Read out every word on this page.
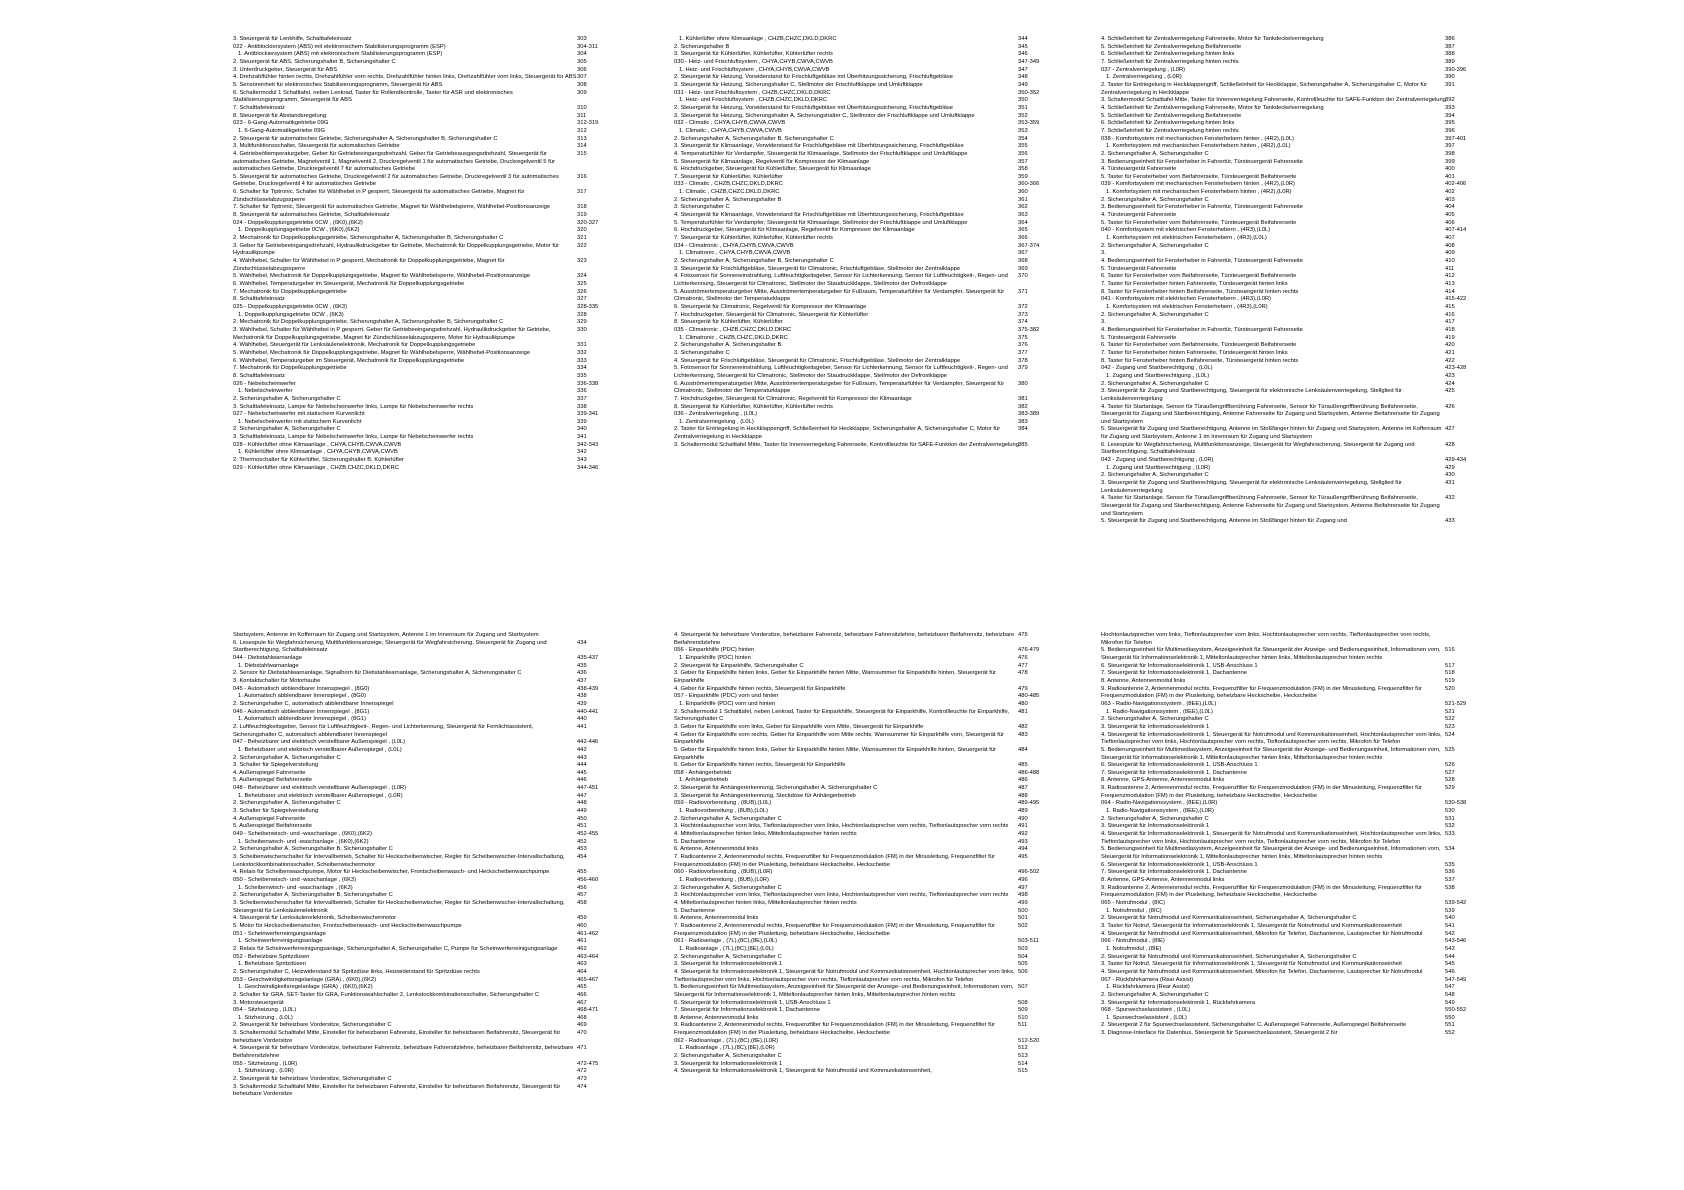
3. Steuergerät für Lenkhilfe, Schalttafeleinsatz	303
022 - Antiblockiersystem (ABS) mit elektronischem Stabilisierungsprogramm (ESP)	304-311
1. Antiblockiersystem (ABS) mit elektronischem Stabilisierungsprogramm (ESP)	304
2. Steuergerät für ABS, Sicherungshalter B, Sicherungshalter C	305
3. Unterdruckgeber, Steuergerät für ABS	306
4. Drehzahlfühler hinten rechts, Drehzahlfühler vorn rechts, Drehzahlfühler hinten links, Drehzahlfühler vorn links, Steuergerät für ABS 307
5. Sensoreinheit für elektronisches Stabilisierungsprogramm, Steuergerät für ABS	308
6. Schaltermodul 1 Schalttafel, neben Lenkrad, Taster für Rollendkontrolle, Taster für ASR und elektronisches Stabilisierungsprogramm, Steuergerät für ABS
309
7. Schalttafeleinsatz	310
8. Steuergerät für Abstandsregelung	311
023 - 6-Gang-Automatikgetriebe 09G	312-319
1. 6-Gang-Automatikgetriebe 09G	312
2. Steuergerät für automatisches Getriebe, Sicherungshalter A, Sicherungshalter B, Sicherungshalter C	313
3. Multifunktionsschalter, Steuergerät für automatisches Getriebe	314
4. Getriebeöltemperaturgeber, Geber für Getriebeeingangsdrehzahl, Geber für Getriebeausgangsdrehzahl, Steuergerät für automatisches Getriebe, Magnetventil 1, Magnetventil 2, Druckregelventil 1 für automatisches Getriebe, Druckregelventil 5 für automatisches Getriebe, Druckregelventil 7 für automatisches Getriebe
315
5. Steuergerät für automatisches Getriebe, Druckregelventil 2 für automatisches Getriebe, Druckregelventil 3 für automatisches Getriebe, Druckregelventil 4 für automatisches Getriebe
316
6. Schalter für Tiptronic, Schalter für Wählhebel in P gesperrt, Steuergerät für automatisches Getriebe, Magnet für Zündschlüsselabzugssperre
317
7. Schalter für Tiptronic, Steuergerät für automatisches Getriebe, Magnet für Wählhebelsperre, Wählhebel-Positionsanzeige	318
8. Steuergerät für automatisches Getriebe, Schalttafeleinsatz	319
024 - Doppelkupplungsgetriebe 0CW , (6K0),(6K2)	320-327
1. Doppelkupplungsgetriebe 0CW , (6K0),(6K2)	320
2. Mechatronik für Doppelkupplungsgetriebe, Sicherungshalter A, Sicherungshalter B, Sicherungshalter C	321
3. Geber für Getriebeeingangsdrehzahl, Hydraulikdruckgeber für Getriebe, Mechatronik für Doppelkupplungsgetriebe, Motor für Hydraulikpumpe
322
4. Wählhebel, Schalter für Wählhebel in P gesperrt, Mechatronik für Doppelkupplungsgetriebe, Magnet für Zündschlüsselabzugssperre
323
5. Wählhebel, Mechatronik für Doppelkupplungsgetriebe, Magnet für Wählhebelsperre, Wählhebel-Positionsanzeige	324
6. Wählhebel, Temperaturgeber im Steuergerät, Mechatronik für Doppelkupplungsgetriebe	325
7. Mechatronik für Doppelkupplungsgetriebe	326
8. Schalttafeleinsatz	327
025 - Doppelkupplungsgetriebe 0CW , (6K3)	328-335
1. Doppelkupplungsgetriebe 0CW , (6K3)	328
2. Mechatronik für Doppelkupplungsgetriebe, Sicherungshalter A, Sicherungshalter B, Sicherungshalter C	329
3. Wählhebel, Schalter für Wählhebel in P gesperrt, Geber für Getriebeeingangsdrehzahl, Hydraulikdruckgeber für Getriebe, Mechatronik für Doppelkupplungsgetriebe, Magnet für Zündschlüsselabzugssperre, Motor für Hydraulikpumpe
330
4. Wählhebel, Steuergerät für Lenksäulenelektronik, Mechatronik für Doppelkupplungsgetriebe	331
5. Wählhebel, Mechatronik für Doppelkupplungsgetriebe, Magnet für Wählhebelsperre, Wählhebel-Positionsanzeige	332
6. Wählhebel, Temperaturgeber im Steuergerät, Mechatronik für Doppelkupplungsgetriebe	333
7. Mechatronik für Doppelkupplungsgetriebe	334
8. Schalttafeleinsatz	335
026 - Nebelscheinwerfer	336-338
1. Nebelscheinwerfer	336
2. Sicherungshalter A, Sicherungshalter C	337
3. Schalttafeleinsatz, Lampe für Nebelscheinwerfer links, Lampe für Nebelscheinwerfer rechts	338
027 - Nebelscheinwerfer mit statischem Kurvenlicht	339-341
1. Nebelscheinwerfer mit statischem Kurvenlicht	339
2. Sicherungshalter A, Sicherungshalter C	340
3. Schalttafeleinsatz, Lampe für Nebelscheinwerfer links, Lampe für Nebelscheinwerfer rechts	341
028 - Kühlerlüfter ohne Klimaanlage , CHYA,CHYB,CWVA,CWVB	342-343
1. Kühlerlüfter ohne Klimaanlage , CHYA,CHYB,CWVA,CWVB	342
2. Thermoschalter für Kühlerlüfter, Sicherungshalter B, Kühlerlüfter	343
029 - Kühlerlüfter ohne Klimaanlage , CHZB,CHZC,DKLD,DKRC	344-346
1. Kühlerlüfter ohne Klimaanlage , CHZB,CHZC,DKLD,DKRC	344
2. Sicherungshalter B	345
3. Steuergerät für Kühlerlüfter, Kühlerlüfter, Kühlerlüfter rechts	346
030 - Heiz- und Frischluftsystem , CHYA,CHYB,CWVA,CWVB	347-349
1. Heiz- und Frischluftsystem , CHYA,CHYB,CWVA,CWVB	347
2. Steuergerät für Heizung, Vorwiderstand für Frischluftgebläse mit Überhitzungssicherung, Frischluftgebläse	348
3. Steuergerät für Heizung, Sicherungshalter C, Stellmotor der Frischluftklappe und Umluftklappe	349
031 - Heiz- und Frischluftsystem , CHZB,CHZC,DKLD,DKRC	350-352
1. Heiz- und Frischluftsystem , CHZB,CHZC,DKLD,DKRC	350
2. Steuergerät für Heizung, Vorwiderstand für Frischluftgebläse mit Überhitzungssicherung, Frischluftgebläse	351
3. Steuergerät für Heizung, Sicherungshalter A, Sicherungshalter C, Stellmotor der Frischluftklappe und Umluftklappe	352
032 - Climatic , CHYA,CHYB,CWVA,CWVB	353-359
1. Climatic , CHYA,CHYB,CWVA,CWVB	353
2. Sicherungshalter A, Sicherungshalter B, Sicherungshalter C	354
3. Steuergerät für Klimaanlage, Vorwiderstand für Frischluftgebläse mit Überhitzungssicherung, Frischluftgebläse	355
4. Temperaturfühler für Verdampfer, Steuergerät für Klimaanlage, Stellmotor der Frischluftklappe und Umluftklappe	356
5. Steuergerät für Klimaanlage, Regelventil für Kompressor der Klimaanlage	357
6. Hochdruckgeber, Steuergerät für Kühlerlüfter, Steuergerät für Klimaanlage	358
7. Steuergerät für Kühlerlüfter, Kühlerlüfter	359
033 - Climatic , CHZB,CHZC,DKLD,DKRC	360-366
1. Climatic , CHZB,CHZC,DKLD,DKRC	360
2. Sicherungshalter A, Sicherungshalter B	361
3. Sicherungshalter C	362
4. Steuergerät für Klimaanlage, Vorwiderstand für Frischluftgebläse mit Überhitzungssicherung, Frischluftgebläse	363
5. Temperaturfühler für Verdampfer, Steuergerät für Klimaanlage, Stellmotor der Frischluftklappe und Umluftklappe	364
6. Hochdruckgeber, Steuergerät für Klimaanlage, Regelventil für Kompressor der Klimaanlage	365
7. Steuergerät für Kühlerlüfter, Kühlerlüfter, Kühlerlüfter rechts	366
034 - Climatronic , CHYA,CHYB,CWVA,CWVB	367-374
1. Climatronic , CHYA,CHYB,CWVA,CWVB	367
2. Sicherungshalter A, Sicherungshalter B, Sicherungshalter C	368
3. Steuergerät für Frischluftgebläse, Steuergerät für Climatronic, Frischluftgebläse, Stellmotor der Zentralklappe	369
4. Fotosensor für Sonneneinstrahlung, Luftfeuchtigkeitsgeber, Sensor für Lichterkennung, Sensor für Luftfeuchtigkeit-, Regen- und Lichterkennung, Steuergerät für Climatronic, Stellmotor der Staudruckklappe, Stellmotor der Defrostklappe
370
5. Ausströmertemperaturgeber Mitte, Ausströmertemperaturgeber für Fußraum, Temperaturfühler für Verdampfer, Steuergerät für Climatronic, Stellmotor der Temperaturklappe
371
6. Steuergerät für Climatronic, Regelventil für Kompressor der Klimaanlage	372
7. Hochdruckgeber, Steuergerät für Climatronic, Steuergerät für Kühlerlüfter	373
8. Steuergerät für Kühlerlüfter, Kühlerlüfter	374
035 - Climatronic , CHZB,CHZC,DKLD,DKRC	375-382
1. Climatronic , CHZB,CHZC,DKLD,DKRC	375
2. Sicherungshalter A, Sicherungshalter B	376
3. Sicherungshalter C	377
4. Steuergerät für Frischluftgebläse, Steuergerät für Climatronic, Frischluftgebläse, Stellmotor der Zentralklappe	378
5. Fotosensor für Sonneneinstrahlung, Luftfeuchtigkeitsgeber, Sensor für Lichterkennung, Sensor für Luftfeuchtigkeit-, Regen- und Lichterkennung, Steuergerät für Climatronic, Stellmotor der Staudruckklappe, Stellmotor der Defrostklappe
379
6. Ausströmertemperaturgeber Mitte, Ausströmertemperaturgeber für Fußraum, Temperaturfühler für Verdampfer, Steuergerät für Climatronic, Stellmotor der Temperaturklappe
380
7. Hochdruckgeber, Steuergerät für Climatronic, Regelventil für Kompressor der Klimaanlage	381
8. Steuergerät für Kühlerlüfter, Kühlerlüfter, Kühlerlüfter rechts	382
036 - Zentralverriegelung , (L0L)	383-389
1. Zentralverriegelung , (L0L)	383
2. Taster für Entriegelung in Heckklappengriff, Schließeinheit für Heckklappe, Sicherungshalter A, Sicherungshalter C, Motor für Zentralverriegelung in Heckklappe
384
3. Schaltermodul Schalttafel Mitte, Taster für Innenverriegelung Fahrerseite, Kontrollleuchte für SAFE-Funktion der Zentralverriegelung 385
4. Schließeinheit für Zentralverriegelung Fahrerseite, Motor für Tankdeckelverriegelung	386
5. Schließeinheit für Zentralverriegelung Beifahrerseite	387
6. Schließeinheit für Zentralverriegelung hinten links	388
7. Schließeinheit für Zentralverriegelung hinten rechts	389
037 - Zentralverriegelung , (L0R)	390-396
1. Zentralverriegelung , (L0R)	390
2. Taster für Entriegelung in Heckklappengriff, Schließeinheit für Heckklappe, Sicherungshalter A, Sicherungshalter C, Motor für Zentralverriegelung in Heckklappe
391
3. Schaltermodul Schalttafel Mitte, Taster für Innenverriegelung Fahrerseite, Kontrollleuchte für SAFE-Funktion der Zentralverriegelung 392
4. Schließeinheit für Zentralverriegelung Fahrerseite, Motor für Tankdeckelverriegelung	393
5. Schließeinheit für Zentralverriegelung Beifahrerseite	394
6. Schließeinheit für Zentralverriegelung hinten links	395
7. Schließeinheit für Zentralverriegelung hinten rechts	396
038 - Komfortsystem mit mechanischen Fensterhebern hinten , (4R2),(L0L)	397-401
1. Komfortsystem mit mechanischen Fensterhebern hinten , (4R2),(L0L)	397
2. Sicherungshalter A, Sicherungshalter C	398
3. Bedienungseinheit für Fensterheber in Fahrertür, Türsteuergerät Fahrerseite	399
4. Türsteuergerät Fahrerseite	400
5. Taster für Fensterheber vorn Beifahrerseite, Türsteuergerät Beifahrerseite	401
039 - Komfortsystem mit mechanischen Fensterhebern hinten , (4R2),(L0R)	402-406
1. Komfortsystem mit mechanischen Fensterhebern hinten , (4R2),(L0R)	402
2. Sicherungshalter A, Sicherungshalter C	403
3. Bedienungseinheit für Fensterheber in Fahrertür, Türsteuergerät Fahrerseite	404
4. Türsteuergerät Fahrerseite	405
5. Taster für Fensterheber vorn Beifahrerseite, Türsteuergerät Beifahrerseite	406
040 - Komfortsystem mit elektrischen Fensterhebern , (4R3),(L0L)	407-414
1. Komfortsystem mit elektrischen Fensterhebern , (4R3),(L0L)	407
2. Sicherungshalter A, Sicherungshalter C	408
3.	409
4. Bedienungseinheit für Fensterheber in Fahrertür, Türsteuergerät Fahrerseite	410
5. Türsteuergerät Fahrerseite	411
6. Taster für Fensterheber vorn Beifahrerseite, Türsteuergerät Beifahrerseite	412
7. Taster für Fensterheber hinten Fahrerseite, Türsteuergerät hinten links	413
8. Taster für Fensterheber hinten Beifahrerseite, Türsteuergerät hinten rechts	414
041 - Komfortsystem mit elektrischen Fensterhebern , (4R3),(L0R)	415-422
1. Komfortsystem mit elektrischen Fensterhebern , (4R3),(L0R)	415
2. Sicherungshalter A, Sicherungshalter C	416
3.	417
4. Bedienungseinheit für Fensterheber in Fahrertür, Türsteuergerät Fahrerseite	418
5. Türsteuergerät Fahrerseite	419
6. Taster für Fensterheber vorn Beifahrerseite, Türsteuergerät Beifahrerseite	420
7. Taster für Fensterheber hinten Fahrerseite, Türsteuergerät hinten links	421
8. Taster für Fensterheber hinten Beifahrerseite, Türsteuergerät hinten rechts	422
042 - Zugang und Startberechtigung , (L0L)	423-428
1. Zugang und Startberechtigung , (L0L)	423
2. Sicherungshalter A, Sicherungshalter C	424
3. Steuergerät für Zugang und Startberechtigung, Steuergerät für elektronische Lenksäulenverriegelung, Stellglied für Lenksäulenverriegelung
425
4. Taster für Startanlage, Sensor für Türaußengriffberührung Fahrerseite, Sensor für Türaußengriffberührung Beifahrerseite, Steuergerät für Zugang und Startberechtigung, Antenne Fahrerseite für Zugang und Startsystem, Antenne Beifahrerseite für Zugang und Startsystem
426
5. Steuergerät für Zugang und Startberechtigung, Antenne im Stoßfänger hinten für Zugang und Startsystem, Antenne im Kofferraum für Zugang und Startsystem, Antenne 1 im Innenraum für Zugang und Startsystem
427
6. Lesespule für Wegfahrsicherung, Multifunktionsanzeige, Steuergerät für Wegfahrsicherung, Steuergerät für Zugang und Startberechtigung, Schalttafeleinsatz
428
043 - Zugang und Startberechtigung , (L0R)	429-434
1. Zugang und Startberechtigung , (L0R)	429
2. Sicherungshalter A, Sicherungshalter C	430
3. Steuergerät für Zugang und Startberechtigung, Steuergerät für elektronische Lenksäulenverriegelung, Stellglied für Lenksäulenverriegelung
431
4. Taster für Startanlage, Sensor für Türaußengriffberührung Fahrerseite, Sensor für Türaußengriffberührung Beifahrerseite, Steuergerät für Zugang und Startberechtigung, Antenne Fahrerseite für Zugang und Startsystem, Antenne Beifahrerseite für Zugang und Startsystem
432
5. Steuergerät für Zugang und Startberechtigung, Antenne im Stoßfänger hinten für Zugang und	433
Startsystem, Antenne im Kofferraum für Zugang und Startsystem, Antenne 1 im Innenraum für Zugang und Startsystem
6. Lesespule für Wegfahrsicherung, Multifunktionsanzeige, Steuergerät für Wegfahrsicherung, Steuergerät für Zugang und Startberechtigung, Schalttafeleinsatz
434
044 - Diebstahlwarnanlage	435-437
1. Diebstahlwarnanlage	435
2. Sensor für Diebstahlwarnanlage, Signalhorn für Diebstahlwarnanlage, Sicherungshalter A, Sicherungshalter C	436
3. Kontaktschalter für Motorhaube	437
045 - Automatisch abblendbarer Innenspiegel , (8G0)	438-439
1. Automatisch abblendbarer Innenspiegel , (8G0)	438
2. Sicherungshalter C, automatisch abblendbarer Innenspiegel	439
046 - Automatisch abblendbarer Innenspiegel , (8G1)	440-441
1. Automatisch abblendbarer Innenspiegel , (8G1)	440
2. Luftfeuchtigkeitsgeber, Sensor für Luftfeuchtigkeit-, Regen- und Lichterkennung, Steuergerät für Fernlichtassistent, Sicherungshalter C, automatisch abblendbarer Innenspiegel
441
047 - Beheizbarer und elektrisch verstellbarer Außenspiegel , (L0L)	442-446
1. Beheizbarer und elektrisch verstellbarer Außenspiegel , (L0L)	442
2. Sicherungshalter A, Sicherungshalter C	443
3. Schalter für Spiegelverstellung	444
4. Außenspiegel Fahrerseite	445
5. Außenspiegel Beifahrerseite	446
048 - Beheizbarer und elektrisch verstellbarer Außenspiegel , (L0R)	447-451
1. Beheizbarer und elektrisch verstellbarer Außenspiegel , (L0R)	447
2. Sicherungshalter A, Sicherungshalter C	448
3. Schalter für Spiegelverstellung	449
4. Außenspiegel Fahrerseite	450
5. Außenspiegel Beifahrerseite	451
049 - Scheibenwisch- und -waschanlage , (6K0),(6K2)	452-455
1. Scheibenwisch- und -waschanlage , (6K0),(6K2)	452
2. Sicherungshalter A, Sicherungshalter B, Sicherungshalter C	453
3. Scheibenwischerschalter für Intervallbetrieb, Schalter für Heckscheibenwischer, Regler für Scheibenwischer-Intervallschaltung, Lenkstockkombinationsschalter, Scheibenwischermotor
454
4. Relais für Scheibenwaschpumpe, Motor für Heckscheibenwischer, Frontscheibenwasch- und Heckscheibenwaschpumpe	455
050 - Scheibenwisch- und -waschanlage , (6K3)	456-460
1. Scheibenwisch- und -waschanlage , (6K3)	456
2. Sicherungshalter A, Sicherungshalter B, Sicherungshalter C	457
3. Scheibenwischerschalter für Intervallbetrieb, Schalter für Heckscheibenwischer, Regler für Scheibenwischer-Intervallschaltung, Steuergerät für Lenksäulenelektronik
458
4. Steuergerät für Lenksäulenelektronik, Scheibenwischermotor	459
5. Motor für Heckscheibenwischer, Frontscheibenwasch- und Heckscheibenwaschpumpe	460
051 - Scheinwerferreinigungsanlage	461-462
1. Scheinwerferreinigungsanlage	461
2. Relais für Scheinwerferreinigungsanlage, Sicherungshalter A, Sicherungshalter C, Pumpe für Scheinwerferreinigungsanlage	462
052 - Beheizbare Spritzdüsen	463-464
1. Beheizbare Spritzdüsen	463
2. Sicherungshalter C, Heizwiderstand für Spritzdüse links, Heizwiderstand für Spritzdüse rechts	464
053 - Geschwindigkeitsregelanlage (GRA) , (6K0),(6K2)	465-467
1. Geschwindigkeitsregelanlage (GRA) , (6K0),(6K2)	465
2. Schalter für GRA, SET-Taster für GRA, Funktionswahlschalter 2, Lenkstockkombinationsschalter, Sicherungshalter C	466
3. Motorsteuergerät	467
054 - Sitzheizung , (L0L)	468-471
1. Sitzheizung , (L0L)	468
2. Steuergerät für beheizbare Vordersitze, Sicherungshalter C	469
3. Schaltermodul Schalttafel Mitte, Einsteller für beheizbaren Fahrersitz, Einsteller für beheizbaren Beifahrersitz, Steuergerät für beheizbare Vordersitze
470
4. Steuergerät für beheizbare Vordersitze, beheizbarer Fahrersitz, beheizbare Fahrersitzlehne, beheizbarer Beifahrersitz, beheizbare Beifahrersitzlehne
471
055 - Sitzheizung , (L0R)	472-475
1. Sitzheizung , (L0R)	472
2. Steuergerät für beheizbare Vordersitze, Sicherungshalter C	473
3. Schaltermodul Schalttafel Mitte, Einsteller für beheizbaren Fahrersitz, Einsteller für beheizbaren Beifahrersitz, Steuergerät für beheizbare Vordersitze
474
4. Steuergerät für beheizbare Vordersitze, beheizbarer Fahrersitz, beheizbare Fahrersitzlehne, beheizbarer Beifahrersitz, beheizbare Beifahrersitzlehne
475
056 - Einparkhilfe (PDC) hinten	476-479
1. Einparkhilfe (PDC) hinten	476
2. Steuergerät für Einparkhilfe, Sicherungshalter C	477
3. Geber für Einparkhilfe hinten links, Geber für Einparkhilfe hinten Mitte, Warnsummer für Einparkhilfe hinten, Steuergerät für Einparkhilfe
478
4. Geber für Einparkhilfe hinten rechts, Steuergerät für Einparkhilfe	479
057 - Einparkhilfe (PDC) vorn und hinten	480-485
1. Einparkhilfe (PDC) vorn und hinten	480
2. Schaltermodul 1 Schalttafel, neben Lenkrad, Taster für Einparkhilfe, Steuergerät für Einparkhilfe, Kontrollleuchte für Einparkhilfe, Sicherungshalter C
481
3. Geber für Einparkhilfe vorn links, Geber für Einparkhilfe vorn Mitte, Steuergerät für Einparkhilfe	482
4. Geber für Einparkhilfe vorn rechts, Geber für Einparkhilfe vorn Mitte rechts, Warnsummer für Einparkhilfe vorn, Steuergerät für Einparkhilfe
483
5. Geber für Einparkhilfe hinten links, Geber für Einparkhilfe hinten Mitte, Warnsummer für Einparkhilfe hinten, Steuergerät für Einparkhilfe
484
6. Geber für Einparkhilfe hinten rechts, Steuergerät für Einparkhilfe	485
058 - Anhängerbetrieb	486-488
1. Anhängerbetrieb	486
2. Steuergerät für Anhängererkennung, Sicherungshalter A, Sicherungshalter C	487
3. Steuergerät für Anhängererkennung, Steckdose für Anhängerbetrieb	488
059 - Radiovorbereitung , (8UB),(L0L)	489-495
1. Radiovorbereitung , (8UB),(L0L)	489
2. Sicherungshalter A, Sicherungshalter C	490
3. Hochtonlautsprecher vorn links, Tieftonlautsprecher vorn links, Hochtonlautsprecher vorn rechts, Tieftonlautsprecher vorn rechts	491
4. Mitteltonlautsprecher hinten links, Mitteltonlautsprecher hinten rechts	492
5. Dachantenne	493
6. Antenne, Antennenmodul links	494
7. Radioantenne 2, Antennenmodul rechts, Frequenzfilter für Frequenzmodulation (FM) in der Minusleitung, Frequenzfilter für Frequenzmodulation (FM) in der Plusleitung, beheizbare Heckscheibe, Heckscheibe
495
060 - Radiovorbereitung , (8UB),(L0R)	496-502
1. Radiovorbereitung , (8UB),(L0R)	496
2. Sicherungshalter A, Sicherungshalter C	497
3. Hochtonlautsprecher vorn links, Tieftonlautsprecher vorn links, Hochtonlautsprecher vorn rechts, Tieftonlautsprecher vorn rechts	498
4. Mitteltonlautsprecher hinten links, Mitteltonlautsprecher hinten rechts	499
5. Dachantenne	500
6. Antenne, Antennenmodul links	501
7. Radioantenne 2, Antennenmodul rechts, Frequenzfilter für Frequenzmodulation (FM) in der Minusleitung, Frequenzfilter für Frequenzmodulation (FM) in der Plusleitung, beheizbare Heckscheibe, Heckscheibe
502
061 - Radioanlage , (7L),(8C),(8E),(L0L)	503-511
1. Radioanlage , (7L),(8C),(8E),(L0L)	503
2. Sicherungshalter A, Sicherungshalter C	504
3. Steuergerät für Informationselektronik 1	505
4. Steuergerät für Informationselektronik 1, Steuergerät für Notrufmodul und Kommunikationseinheit, Hochtonlautsprecher vorn links, Tieftonlautsprecher vorn links, Hochtonlautsprecher vorn rechts, Tieftonlautsprecher vorn rechts, Mikrofon für Telefon
506
5. Bedienungseinheit für Multimediasystem, Anzeigeeinheit für Steuergerät der Anzeige- und Bedienungseinheit, Informationen vorn, Steuergerät für Informationselektronik 1, Mitteltonlautsprecher hinten links, Mitteltonlautsprecher hinten rechts
507
6. Steuergerät für Informationselektronik 1, USB-Anschluss 1	508
7. Steuergerät für Informationselektronik 1, Dachantenne	509
8. Antenne, Antennenmodul links	510
9. Radioantenne 2, Antennenmodul rechts, Frequenzfilter für Frequenzmodulation (FM) in der Minusleitung, Frequenzfilter für Frequenzmodulation (FM) in der Plusleitung, beheizbare Heckscheibe, Heckscheibe
511
062 - Radioanlage , (7L),(8C),(8E),(L0R)	512-520
1. Radioanlage , (7L),(8C),(8E),(L0R)	512
2. Sicherungshalter A, Sicherungshalter C	513
3. Steuergerät für Informationselektronik 1	514
4. Steuergerät für Informationselektronik 1, Steuergerät für Notrufmodul und Kommunikationseinheit,	515
Hochtonlautsprecher vorn links, Tieftonlautsprecher vorn links, Hochtonlautsprecher vorn rechts, Tieftonlautsprecher vorn rechts, Mikrofon für Telefon
5. Bedienungseinheit für Multimediasystem, Anzeigeeinheit für Steuergerät der Anzeige- und Bedienungseinheit, Informationen vorn, Steuergerät für Informationselektronik 1, Mitteltonlautsprecher hinten links, Mitteltonlautsprecher hinten rechts
516
6. Steuergerät für Informationselektronik 1, USB-Anschluss 1	517
7. Steuergerät für Informationselektronik 1, Dachantenne	518
8. Antenne, Antennenmodul links	519
9. Radioantenne 2, Antennenmodul rechts, Frequenzfilter für Frequenzmodulation (FM) in der Minusleitung, Frequenzfilter für Frequenzmodulation (FM) in der Plusleitung, beheizbare Heckscheibe, Heckscheibe
520
063 - Radio-Navigationssystem , (8EE),(L0L)	521-529
1. Radio-Navigationssystem , (8EE),(L0L)	521
2. Sicherungshalter A, Sicherungshalter C	522
3. Steuergerät für Informationselektronik 1	523
4. Steuergerät für Informationselektronik 1, Steuergerät für Notrufmodul und Kommunikationseinheit, Hochtonlautsprecher vorn links, Tieftonlautsprecher vorn links, Hochtonlautsprecher vorn rechts, Tieftonlautsprecher vorn rechts, Mikrofon für Telefon
524
5. Bedienungseinheit für Multimediasystem, Anzeigeeinheit für Steuergerät der Anzeige- und Bedienungseinheit, Informationen vorn, Steuergerät für Informationselektronik 1, Mitteltonlautsprecher hinten links, Mitteltonlautsprecher hinten rechts
525
6. Steuergerät für Informationselektronik 1, USB-Anschluss 1	526
7. Steuergerät für Informationselektronik 1, Dachantenne	527
8. Antenne, GPS-Antenne, Antennenmodul links	528
9. Radioantenne 2, Antennenmodul rechts, Frequenzfilter für Frequenzmodulation (FM) in der Minusleitung, Frequenzfilter für Frequenzmodulation (FM) in der Plusleitung, beheizbare Heckscheibe, Heckscheibe
529
064 - Radio-Navigationssystem , (8EE),(L0R)	530-538
1. Radio-Navigationssystem , (8EE),(L0R)	530
2. Sicherungshalter A, Sicherungshalter C	531
3. Steuergerät für Informationselektronik 1	532
4. Steuergerät für Informationselektronik 1, Steuergerät für Notrufmodul und Kommunikationseinheit, Hochtonlautsprecher vorn links, Tieftonlautsprecher vorn links, Hochtonlautsprecher vorn rechts, Tieftonlautsprecher vorn rechts, Mikrofon für Telefon
533
5. Bedienungseinheit für Multimediasystem, Anzeigeeinheit für Steuergerät der Anzeige- und Bedienungseinheit, Informationen vorn, Steuergerät für Informationselektronik 1, Mitteltonlautsprecher hinten links, Mitteltonlautsprecher hinten rechts
534
6. Steuergerät für Informationselektronik 1, USB-Anschluss 1	535
7. Steuergerät für Informationselektronik 1, Dachantenne	536
8. Antenne, GPS-Antenne, Antennenmodul links	537
9. Radioantenne 2, Antennenmodul rechts, Frequenzfilter für Frequenzmodulation (FM) in der Minusleitung, Frequenzfilter für Frequenzmodulation (FM) in der Plusleitung, beheizbare Heckscheibe, Heckscheibe
538
065 - Notrufmodul , (8IC)	539-542
1. Notrufmodul , (8IC)	539
2. Steuergerät für Notrufmodul und Kommunikationseinheit, Sicherungshalter A, Sicherungshalter C	540
3. Taster für Notruf, Steuergerät für Informationselektronik 1, Steuergerät für Notrufmodul und Kommunikationseinheit	541
4. Steuergerät für Notrufmodul und Kommunikationseinheit, Mikrofon für Telefon, Dachantenne, Lautsprecher für Notrufmodul	542
066 - Notrufmodul , (8IE)	543-546
1. Notrufmodul , (8IE)	543
2. Steuergerät für Notrufmodul und Kommunikationseinheit, Sicherungshalter A, Sicherungshalter C	544
3. Taster für Notruf, Steuergerät für Informationselektronik 1, Steuergerät für Notrufmodul und Kommunikationseinheit	545
4. Steuergerät für Notrufmodul und Kommunikationseinheit, Mikrofon für Telefon, Dachantenne, Lautsprecher für Notrufmodul	546
067 - Rückfahrkamera (Rear Assist)	547-549
1. Rückfahrkamera (Rear Assist)	547
2. Sicherungshalter A, Sicherungshalter C	548
3. Steuergerät für Informationselektronik 1, Rückfahrkamera	549
068 - Spurwechselassistent , (L0L)	550-552
1. Spurwechselassistent , (L0L)	550
2. Steuergerät 2 für Spurwechselassistent, Sicherungshalter C, Außenspiegel Fahrerseite, Außenspiegel Beifahrerseite	551
3. Diagnose-Interface für Datenbus, Steuergerät für Spurwechselassistent, Steuergerät 2 für	552
